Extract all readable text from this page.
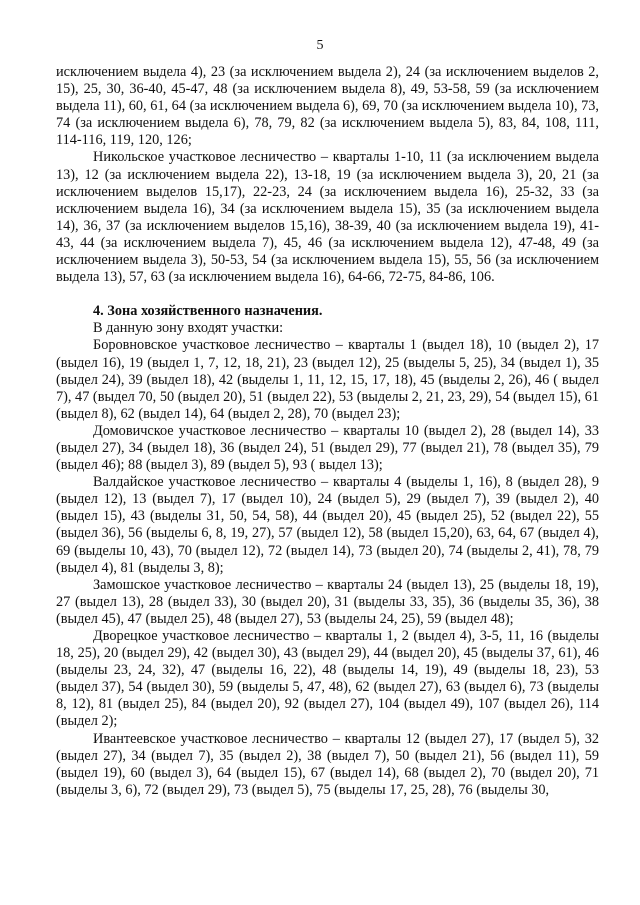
5

исключением выдела 4), 23 (за исключением выдела 2), 24 (за исключением выделов 2, 15), 25, 30, 36-40, 45-47, 48 (за исключением выдела 8), 49, 53-58, 59 (за исключением выдела 11), 60, 61, 64 (за исключением выдела 6), 69, 70 (за исключением выдела 10), 73, 74 (за исключением выдела 6), 78, 79, 82 (за исключением выдела 5), 83, 84, 108, 111, 114-116, 119, 120, 126;

Никольское участковое лесничество – кварталы 1-10, 11 (за исключением выдела 13), 12 (за исключением выдела 22), 13-18, 19 (за исключением выдела 3), 20, 21 (за исключением выделов 15,17), 22-23, 24 (за исключением выдела 16), 25-32, 33 (за исключением выдела 16), 34 (за исключением выдела 15), 35 (за исключением выдела 14), 36, 37 (за исключением выделов 15,16), 38-39, 40 (за исключением выдела 19), 41-43, 44 (за исключением выдела 7), 45, 46 (за исключением выдела 12), 47-48, 49 (за исключением выдела 3), 50-53, 54 (за исключением выдела 15), 55, 56 (за исключением выдела 13), 57, 63 (за исключением выдела 16), 64-66, 72-75, 84-86, 106.

4. Зона хозяйственного назначения.

В данную зону входят участки:

Боровновское участковое лесничество – кварталы 1 (выдел 18), 10 (выдел 2), 17 (выдел 16), 19 (выдел 1, 7, 12, 18, 21), 23 (выдел 12), 25 (выделы 5, 25), 34 (выдел 1), 35 (выдел 24), 39 (выдел 18), 42 (выделы 1, 11, 12, 15, 17, 18), 45 (выделы 2, 26), 46 ( выдел 7), 47 (выдел 70, 50 (выдел 20), 51 (выдел 22), 53 (выделы 2, 21, 23, 29), 54 (выдел 15), 61 (выдел 8), 62 (выдел 14), 64 (выдел 2, 28), 70 (выдел 23);

Домовичское участковое лесничество – кварталы 10 (выдел 2), 28 (выдел 14), 33 (выдел 27), 34 (выдел 18), 36 (выдел 24), 51 (выдел 29), 77 (выдел 21), 78 (выдел 35), 79 (выдел 46); 88 (выдел 3), 89 (выдел 5), 93 ( выдел 13);

Валдайское участковое лесничество – кварталы 4 (выделы 1, 16), 8 (выдел 28), 9 (выдел 12), 13 (выдел 7), 17 (выдел 10), 24 (выдел 5), 29 (выдел 7), 39 (выдел 2), 40 (выдел 15), 43 (выделы 31, 50, 54, 58), 44 (выдел 20), 45 (выдел 25), 52 (выдел 22), 55 (выдел 36), 56 (выделы 6, 8, 19, 27), 57 (выдел 12), 58 (выдел 15,20), 63, 64, 67 (выдел 4), 69 (выделы 10, 43), 70 (выдел 12), 72 (выдел 14), 73 (выдел 20), 74 (выделы 2, 41), 78, 79 (выдел 4), 81 (выделы 3, 8);

Замошское участковое лесничество – кварталы 24 (выдел 13), 25 (выделы 18, 19), 27 (выдел 13), 28 (выдел 33), 30 (выдел 20), 31 (выделы 33, 35), 36 (выделы 35, 36), 38 (выдел 45), 47 (выдел 25), 48 (выдел 27), 53 (выделы 24, 25), 59 (выдел 48);

Дворецкое участковое лесничество – кварталы 1, 2 (выдел 4), 3-5, 11, 16 (выделы 18, 25), 20 (выдел 29), 42 (выдел 30), 43 (выдел 29), 44 (выдел 20), 45 (выделы 37, 61), 46 (выделы 23, 24, 32), 47 (выделы 16, 22), 48 (выделы 14, 19), 49 (выделы 18, 23), 53 (выдел 37), 54 (выдел 30), 59 (выделы 5, 47, 48), 62 (выдел 27), 63 (выдел 6), 73 (выделы 8, 12), 81 (выдел 25), 84 (выдел 20), 92 (выдел 27), 104 (выдел 49), 107 (выдел 26), 114 (выдел 2);

Ивантеевское участковое лесничество – кварталы 12 (выдел 27), 17 (выдел 5), 32 (выдел 27), 34 (выдел 7), 35 (выдел 2), 38 (выдел 7), 50 (выдел 21), 56 (выдел 11), 59 (выдел 19), 60 (выдел 3), 64 (выдел 15), 67 (выдел 14), 68 (выдел 2), 70 (выдел 20), 71 (выделы 3, 6), 72 (выдел 29), 73 (выдел 5), 75 (выделы 17, 25, 28), 76 (выделы 30,
